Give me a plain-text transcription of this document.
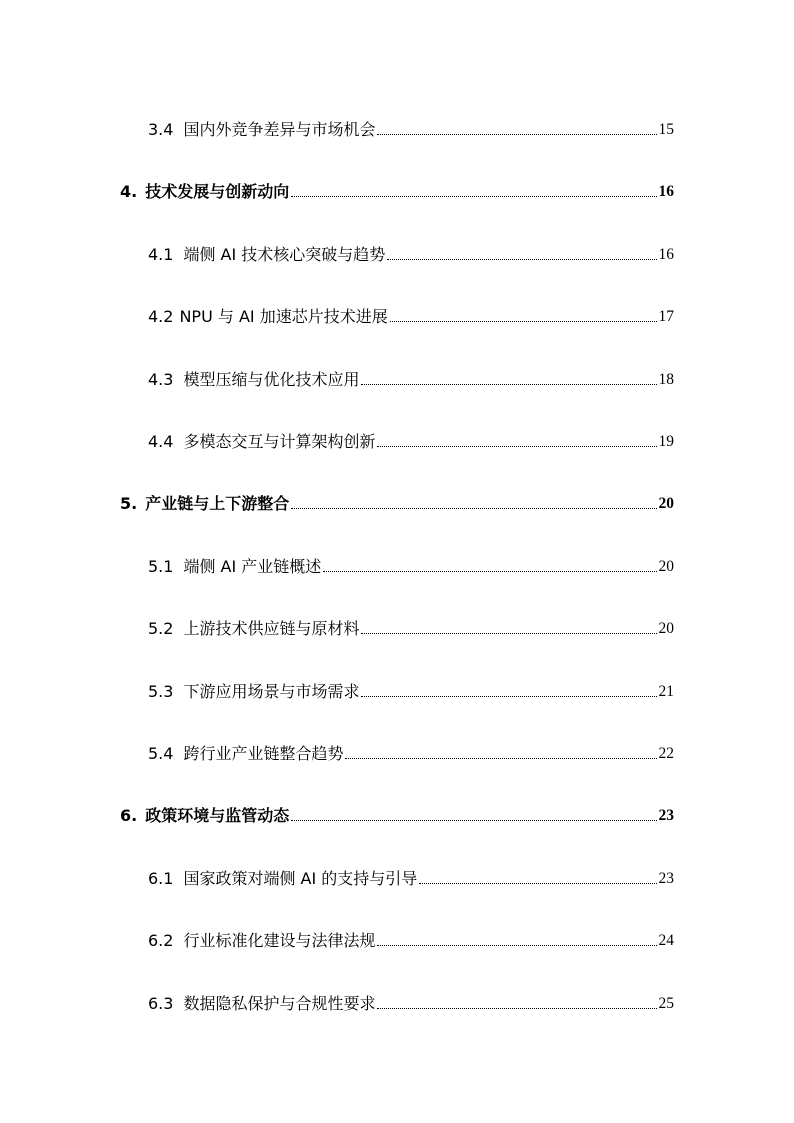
3.4 国内外竞争差异与市场机会	15
4. 技术发展与创新动向	16
4.1 端侧 AI 技术核心突破与趋势	16
4.2 NPU 与 AI 加速芯片技术进展	17
4.3 模型压缩与优化技术应用	18
4.4 多模态交互与计算架构创新	19
5. 产业链与上下游整合	20
5.1 端侧 AI 产业链概述	20
5.2 上游技术供应链与原材料	20
5.3 下游应用场景与市场需求	21
5.4 跨行业产业链整合趋势	22
6. 政策环境与监管动态	23
6.1 国家政策对端侧 AI 的支持与引导	23
6.2 行业标准化建设与法律法规	24
6.3 数据隐私保护与合规性要求	25
